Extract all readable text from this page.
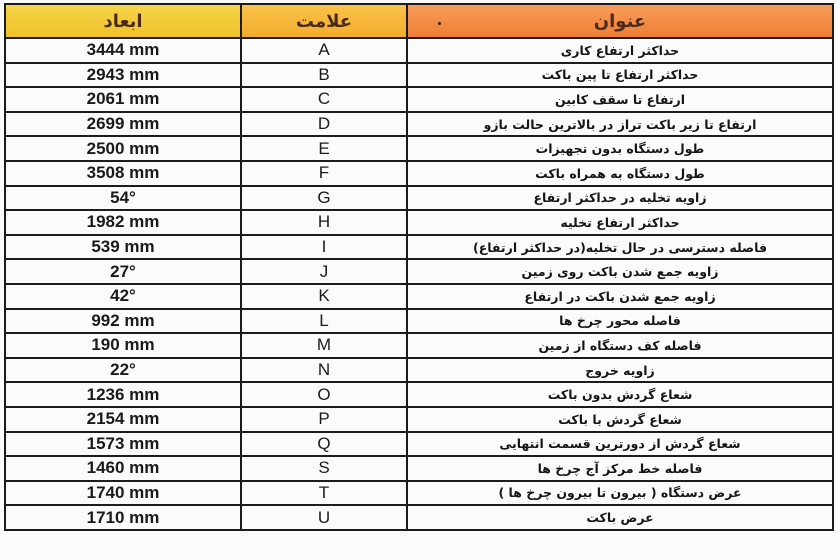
ابعاد	علامت	عنوان

3444 mm	A	حداکثر ارتفاع کاری
2943 mm	B	حداکثر ارتفاع تا پین باکت
2061 mm	C	ارتفاع تا سقف کابین
2699 mm	D	ارتفاع تا زیر باکت تراز در بالاترین حالت بازو
2500 mm	E	طول دستگاه بدون تجهیزات
3508 mm	F	طول دستگاه به همراه باکت
54°	G	زاویه تخلیه در حداکثر ارتفاع
1982 mm	H	حداکثر ارتفاع تخلیه
539 mm	I	فاصله دسترسی در حال تخلیه(در حداکثر ارتفاع)
27°	J	زاویه جمع شدن باکت روی زمین
42°	K	زاویه جمع شدن باکت در ارتفاع
992 mm	L	فاصله محور چرخ ها
190 mm	M	فاصله کف دستگاه از زمین
22°	N	زاویه خروج
1236 mm	O	شعاع گردش بدون باکت
2154 mm	P	شعاع گردش با باکت
1573 mm	Q	شعاع گردش از دورترین قسمت انتهایی
1460 mm	S	فاصله خط مرکز آج چرخ ها
1740 mm	T	عرض دستگاه ( بیرون تا بیرون چرخ ها )
1710 mm	U	عرض باکت
